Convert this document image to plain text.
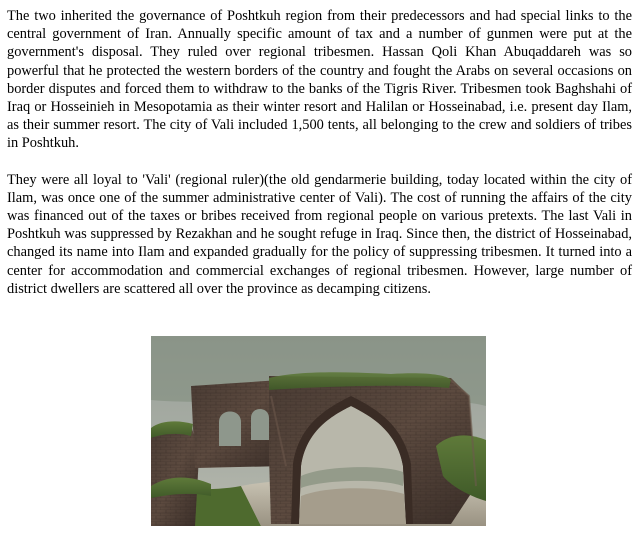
The two inherited the governance of Poshtkuh region from their predecessors and had special links to the central government of Iran. Annually specific amount of tax and a number of gunmen were put at the government's disposal. They ruled over regional tribesmen. Hassan Qoli Khan Abuqaddareh was so powerful that he protected the western borders of the country and fought the Arabs on several occasions on border disputes and forced them to withdraw to the banks of the Tigris River. Tribesmen took Baghshahi of Iraq or Hosseinieh in Mesopotamia as their winter resort and Halilan or Hosseinabad, i.e. present day Ilam, as their summer resort. The city of Vali included 1,500 tents, all belonging to the crew and soldiers of tribes in Poshtkuh.

They were all loyal to 'Vali' (regional ruler)(the old gendarmerie building, today located within the city of Ilam, was once one of the summer administrative center of Vali). The cost of running the affairs of the city was financed out of the taxes or bribes received from regional people on various pretexts. The last Vali in Poshtkuh was suppressed by Rezakhan and he sought refuge in Iraq. Since then, the district of Hosseinabad, changed its name into Ilam and expanded gradually for the policy of suppressing tribesmen. It turned into a center for accommodation and commercial exchanges of regional tribesmen. However, large number of district dwellers are scattered all over the province as decamping citizens.
